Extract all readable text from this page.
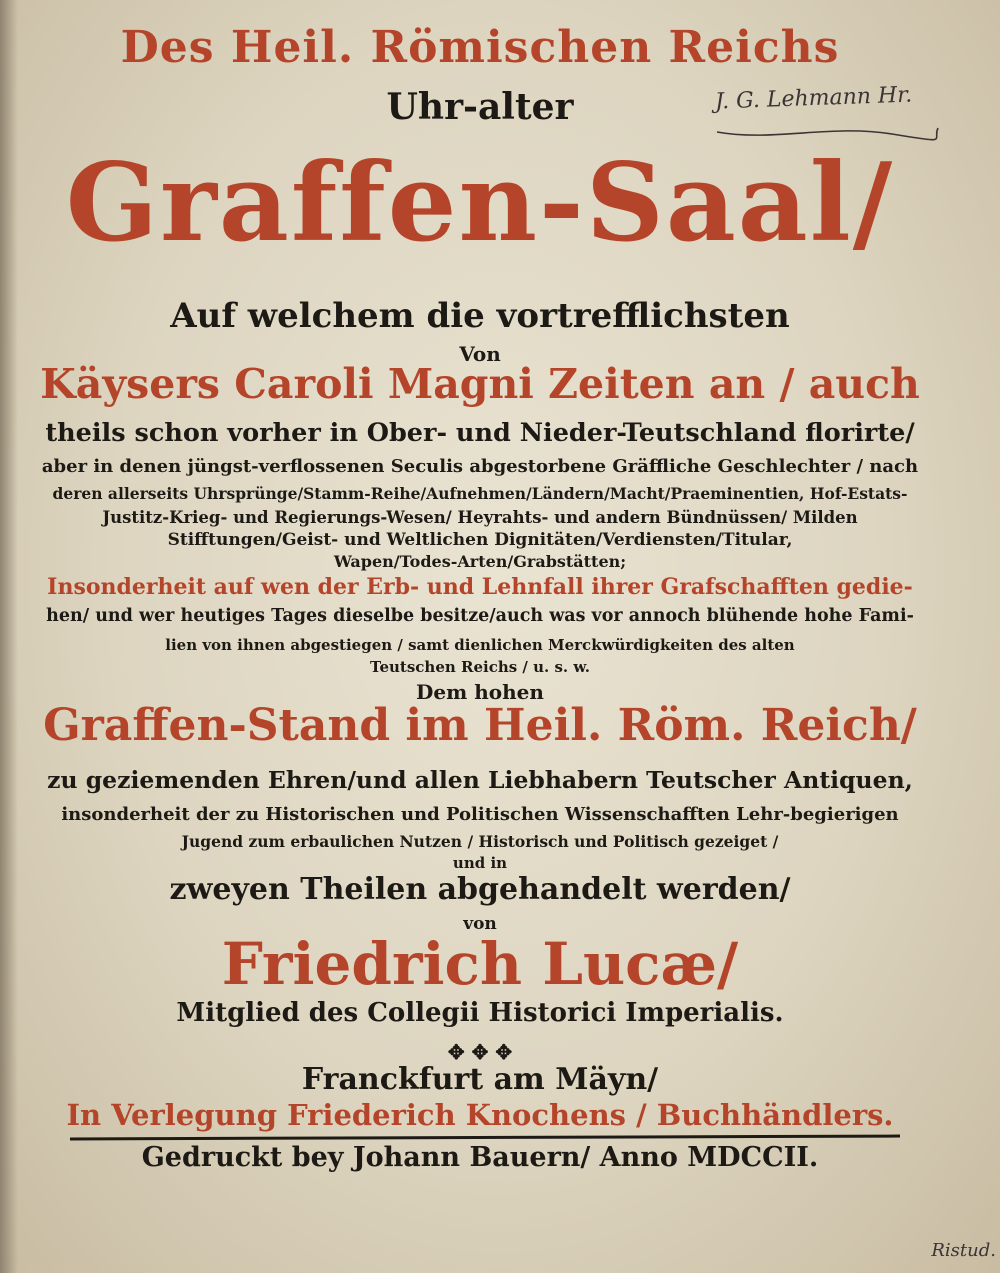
Des Heil. Römischen Reichs
Uhr-alter
Graffen-Saal/
Auf welchem die vortrefflichsten
Von
Käysers Caroli Magni Zeiten an / auch
theils schon vorher in Ober- und Nieder-Teutschland florirte/
aber in denen jüngst-verflossenen Seculis abgestorbene Gräffliche Geschlechter / nach
deren allerseits Uhrsprünge/Stamm-Reihe/Aufnehmen/Ländern/Macht/Praeminentien, Hof-Estats-
Justitz-Krieg- und Regierungs-Wesen/ Heyrahts- und andern Bündnüssen/ Milden
Stifftungen/Geist- und Weltlichen Dignitäten/Verdiensten/Titular,
Wapen/Todes-Arten/Grabstätten;
Insonderheit auf wen der Erb- und Lehnfall ihrer Grafschafften gedie-
hen/ und wer heutiges Tages dieselbe besitze/auch was vor annoch blühende hohe Fami-
lien von ihnen abgestiegen / samt dienlichen Merckwürdigkeiten des alten
Teutschen Reichs / u. s. w.
Dem hohen
Graffen-Stand im Heil. Röm. Reich/
zu geziemenden Ehren/und allen Liebhabern Teutscher Antiquen,
insonderheit der zu Historischen und Politischen Wissenschafften Lehr-begierigen
Jugend zum erbaulichen Nutzen / Historisch und Politisch gezeiget /
und in
zweyen Theilen abgehandelt werden/
von
Friedrich Lucæ/
Mitglied des Collegii Historici Imperialis.
✥ ✥ ✥
Franckfurt am Mäyn/
In Verlegung Friederich Knochens / Buchhändlers.
Gedruckt bey Johann Bauern/ Anno MDCCII.
J. G. Lehmann Hr.
Ristud.
